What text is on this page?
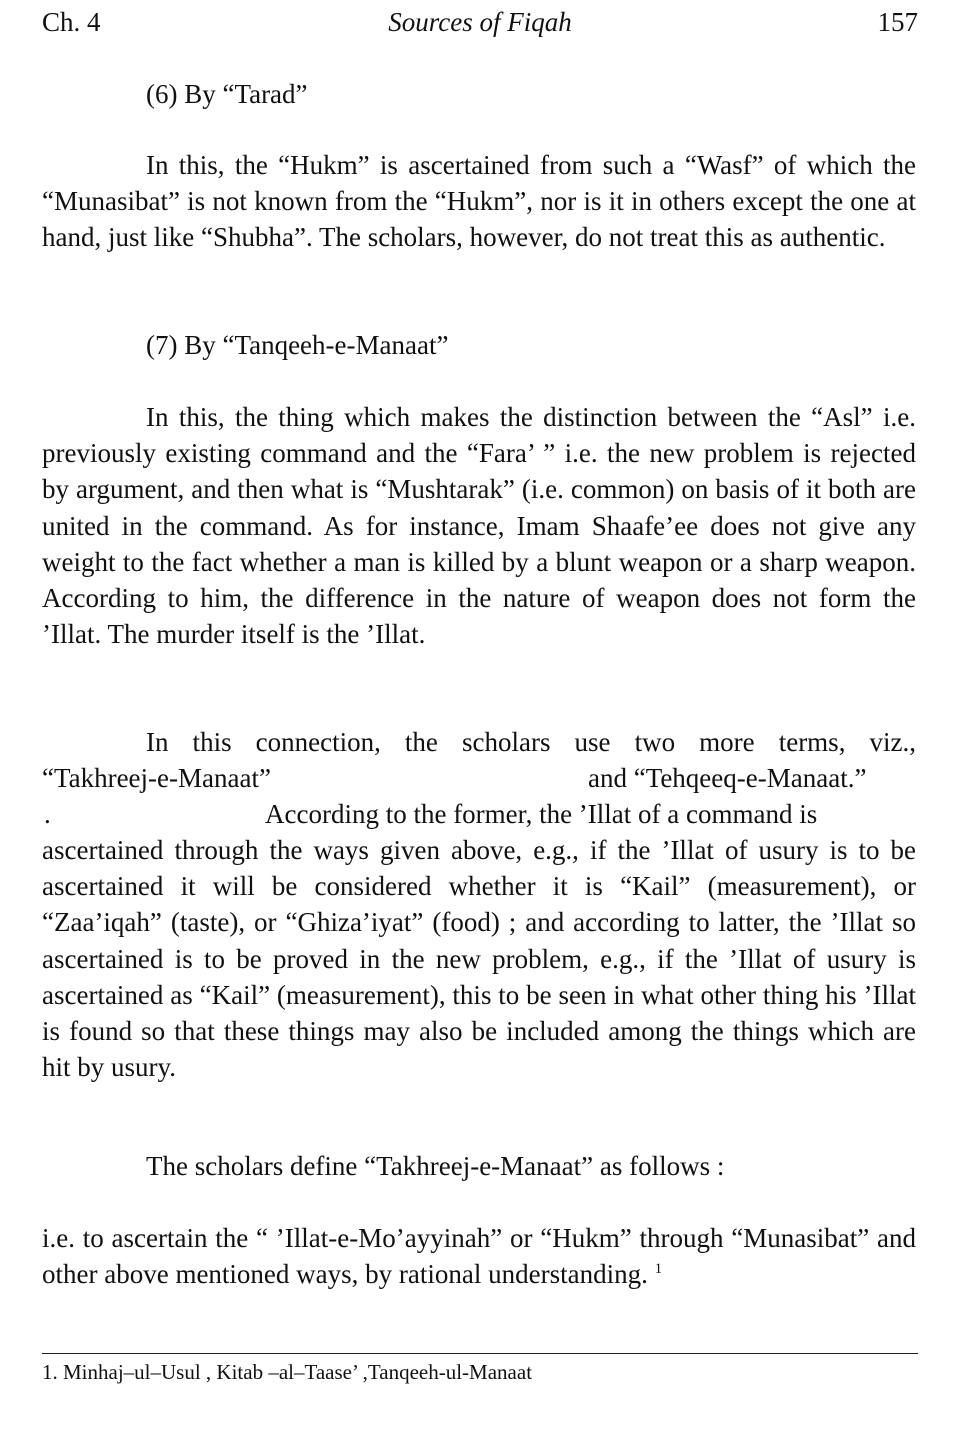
Ch. 4	Sources of Fiqah	157
(6) By “Tarad”
In this, the “Hukm” is ascertained from such a “Wasf” of which the “Munasibat” is not known from the “Hukm”, nor is it in others except the one at hand, just like “Shubha”. The scholars, however, do not treat this as authentic.
(7) By “Tanqeeh-e-Manaat”
In this, the thing which makes the distinction between the “Asl” i.e. previously existing command and the “Fara’ ” i.e. the new problem is rejected by argument, and then what is “Mushtarak” (i.e. common) on basis of it both are united in the command. As for instance, Imam Shaafe’ee does not give any weight to the fact whether a man is killed by a blunt weapon or a sharp weapon. According to him, the difference in the nature of weapon does not form the ’Illat. The murder itself is the ’Illat.
In this connection, the scholars use two more terms, viz.,
“Takhreej-e-Manaat”	and “Tehqeeq-e-Manaat.”
.	According to the former, the ’Illat of a command is
ascertained through the ways given above, e.g., if the ’Illat of usury is to be ascertained it will be considered whether it is “Kail” (measurement), or “Zaa’iqah” (taste), or “Ghiza’iyat” (food) ; and according to latter, the ’Illat so ascertained is to be proved in the new problem, e.g., if the ’Illat of usury is ascertained as “Kail” (measurement), this to be seen in what other thing his ’Illat is found so that these things may also be included among the things which are hit by usury.
The scholars define “Takhreej-e-Manaat” as follows :
i.e. to ascertain the “ ’Illat-e-Mo’ayyinah” or “Hukm” through “Munasibat” and other above mentioned ways, by rational understanding. $^1$
1. Minhaj–ul–Usul , Kitab –al–Taase’ ,Tanqeeh-ul-Manaat
